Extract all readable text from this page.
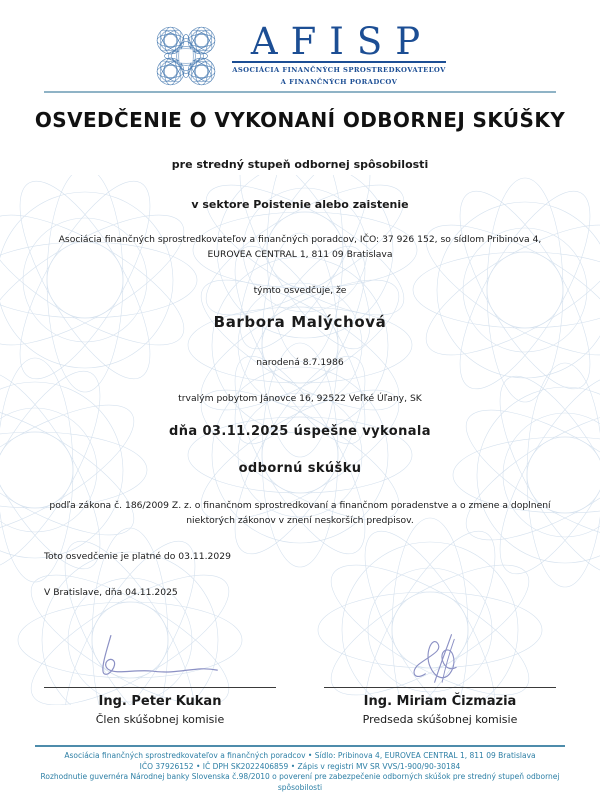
AFISP
ASOCIÁCIA FINANČNÝCH SPROSTREDKOVATEĽOV
A FINANČNÝCH PORADCOV
OSVEDČENIE O VYKONANÍ ODBORNEJ SKÚŠKY
pre stredný stupeň odbornej spôsobilosti
v sektore Poistenie alebo zaistenie
Asociácia finančných sprostredkovateľov a finančných poradcov, IČO: 37 926 152, so sídlom Pribinova 4, EUROVEA CENTRAL 1, 811 09 Bratislava
týmto osvedčuje, že
Barbora Malýchová
narodená 8.7.1986
trvalým pobytom Jánovce 16, 92522 Veľké Úľany, SK
dňa 03.11.2025 úspešne vykonala
odbornú skúšku
podľa zákona č. 186/2009 Z. z. o finančnom sprostredkovaní a finančnom poradenstve a o zmene a doplnení niektorých zákonov v znení neskorších predpisov.
Toto osvedčenie je platné do 03.11.2029
V Bratislave, dňa 04.11.2025
Ing. Peter Kukan
Člen skúšobnej komisie
Ing. Miriam Čizmazia
Predseda skúšobnej komisie
Asociácia finančných sprostredkovateľov a finančných poradcov • Sídlo: Pribinova 4, EUROVEA CENTRAL 1, 811 09 Bratislava
IČO 37926152 • IČ DPH SK2022406859 • Zápis v registri MV SR VVS/1-900/90-30184
Rozhodnutie guvernéra Národnej banky Slovenska č.98/2010 o poverení pre zabezpečenie odborných skúšok pre stredný stupeň odbornej spôsobilosti
